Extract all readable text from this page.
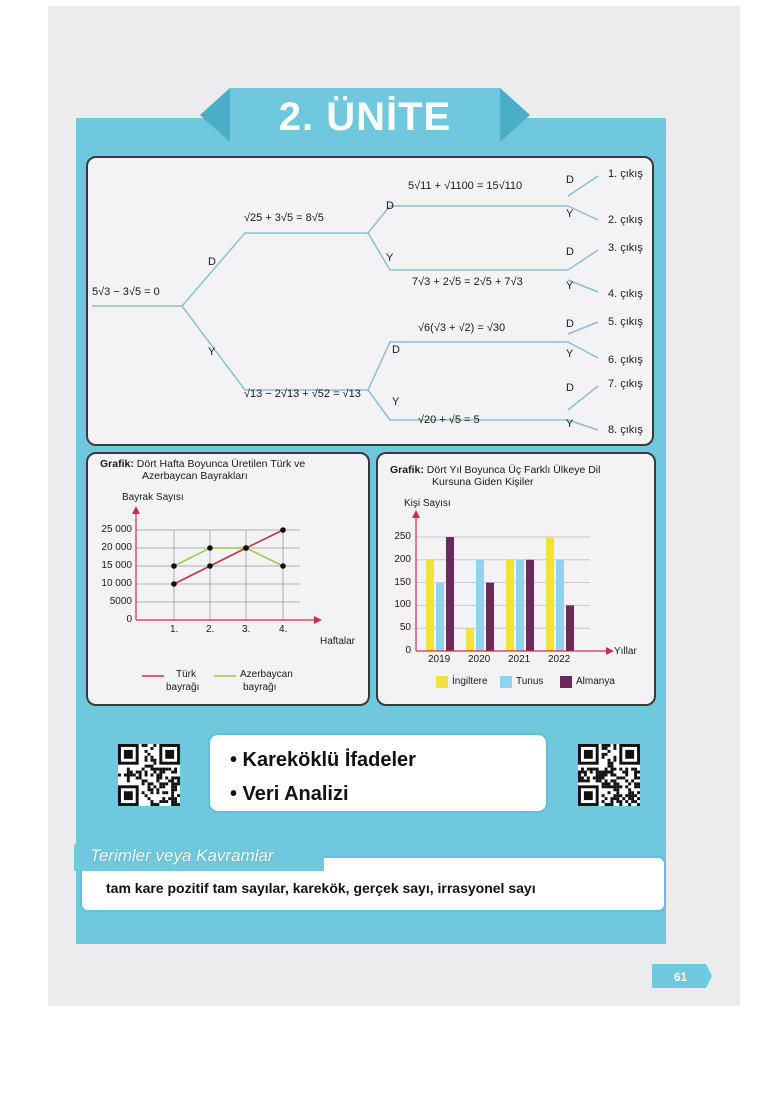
2. ÜNİTE
5√3 − 3√5 = 0
D
Y
√25 + 3√5 = 8√5
√13 − 2√13 + √52 = √13
D
Y
D
Y
5√11 + √1100 = 15√110
7√3 + 2√5 = 2√5 + 7√3
√6(√3 + √2) = √30
√20 + √5 = 5
D
Y
D
Y
D
Y
D
Y
1. çıkış
2. çıkış
3. çıkış
4. çıkış
5. çıkış
6. çıkış
7. çıkış
8. çıkış
Grafik: Dört Hafta Boyunca Üretilen Türk ve
Azerbaycan Bayrakları
Bayrak Sayısı
Haftalar
25 000
20 000
15 000
10 000
5000
0
1.	2.	3.	4.
Türk
bayrağı
Azerbaycan
bayrağı
Grafik: Dört Yıl Boyunca Üç Farklı Ülkeye Dil
Kursuna Giden Kişiler
Kişi Sayısı
Yıllar
250
200
150
100
50
0
2019 2020 2021 2022
İngiltere	Tunus	Almanya
EBA İçeriği	2. Ünite Tanıtımı
• Kareköklü İfadeler
• Veri Analizi
Terimler veya Kavramlar
tam kare pozitif tam sayılar, karekök, gerçek sayı, irrasyonel sayı
61
